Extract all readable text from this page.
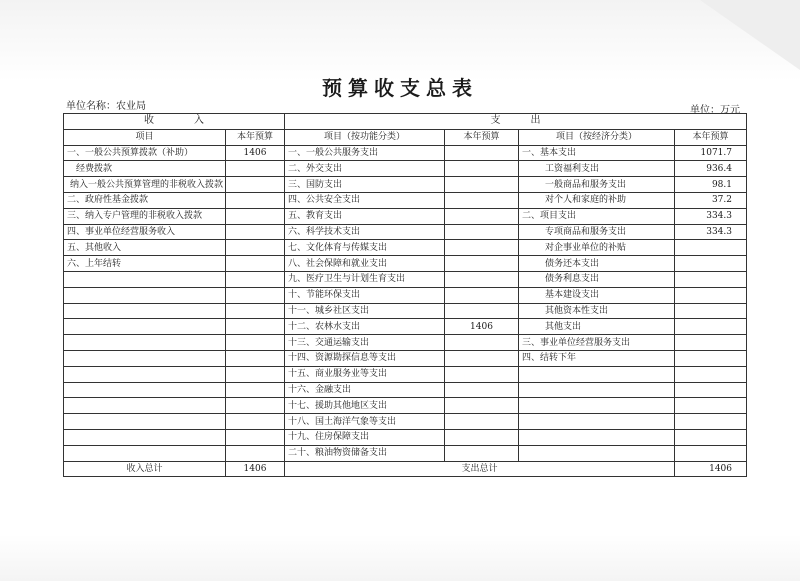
预算收支总表
单位名称：农业局	单位：万元
收　　　　入		支　　　出			
项目	本年预算	项目（按功能分类）	本年预算	项目（按经济分类）	本年预算
一、一般公共预算拨款（补助）	1406	一、一般公共服务支出		一、基本支出	1071.7
经费拨款		二、外交支出		工资福利支出	936.4
纳入一般公共预算管理的非税收入拨款		三、国防支出		一般商品和服务支出	98.1
二、政府性基金拨款		四、公共安全支出		对个人和家庭的补助	37.2
三、纳入专户管理的非税收入拨款		五、教育支出		二、项目支出	334.3
四、事业单位经营服务收入		六、科学技术支出		专项商品和服务支出	334.3
五、其他收入		七、文化体育与传媒支出		对企事业单位的补贴	
六、上年结转		八、社会保障和就业支出		债务还本支出	
		九、医疗卫生与计划生育支出		债务利息支出	
		十、节能环保支出		基本建设支出	
		十一、城乡社区支出		其他资本性支出	
		十二、农林水支出	1406	其他支出	
		十三、交通运输支出		三、事业单位经营服务支出	
		十四、资源勘探信息等支出		四、结转下年	
		十五、商业服务业等支出			
		十六、金融支出			
		十七、援助其他地区支出			
		十八、国土海洋气象等支出			
		十九、住房保障支出			
		二十、粮油物资储备支出			
收入总计	1406	支出总计			1406
